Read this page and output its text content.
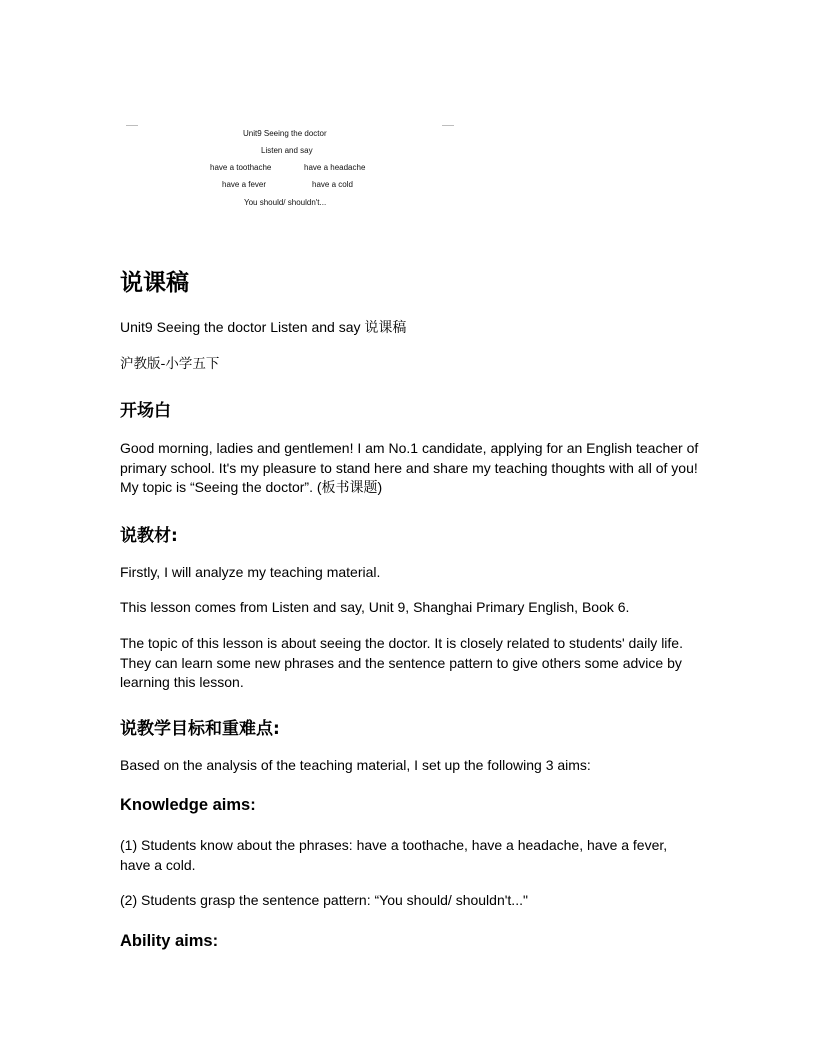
Unit9 Seeing the doctor
Listen and say
have a toothache	have a headache
have a fever	have a cold
You should/ shouldn't...
说课稿
Unit9 Seeing the doctor Listen and say 说课稿
沪教版-小学五下
开场白
Good morning, ladies and gentlemen! I am No.1 candidate, applying for an English teacher of primary school. It's my pleasure to stand here and share my teaching thoughts with all of you! My topic is “Seeing the doctor”. (板书课题)
说教材:
Firstly, I will analyze my teaching material.
This lesson comes from Listen and say, Unit 9, Shanghai Primary English, Book 6.
The topic of this lesson is about seeing the doctor. It is closely related to students' daily life. They can learn some new phrases and the sentence pattern to give others some advice by learning this lesson.
说教学目标和重难点:
Based on the analysis of the teaching material, I set up the following 3 aims:
Knowledge aims:
(1) Students know about the phrases: have a toothache, have a headache, have a fever, have a cold.
(2) Students grasp the sentence pattern: “You should/ shouldn't..."
Ability aims:
